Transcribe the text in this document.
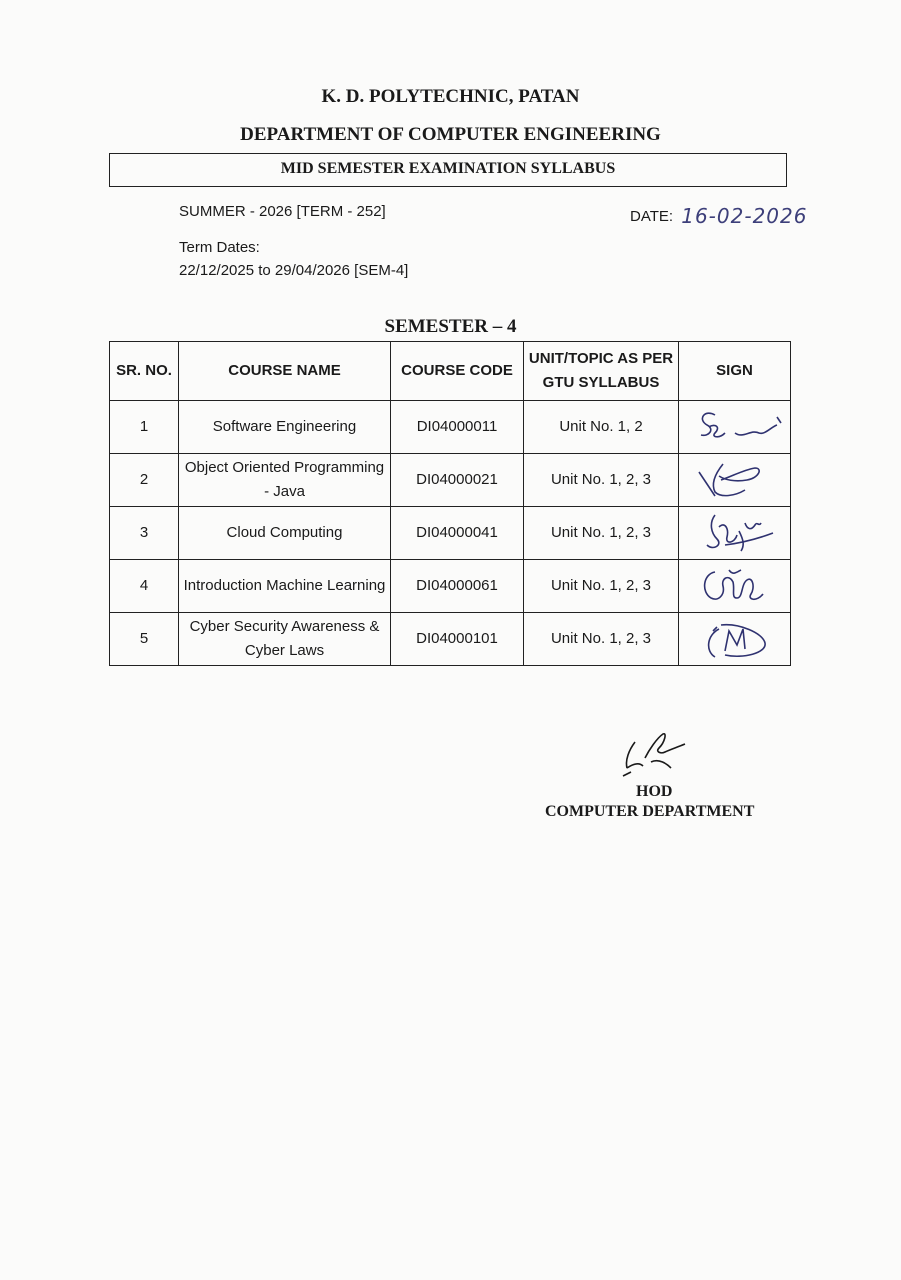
K. D. POLYTECHNIC, PATAN
DEPARTMENT OF COMPUTER ENGINEERING
MID SEMESTER EXAMINATION SYLLABUS
SUMMER - 2026 [TERM - 252]	DATE: 16-02-2026
Term Dates:
22/12/2025 to 29/04/2026 [SEM-4]
SEMESTER – 4
SR. NO.	COURSE NAME	COURSE CODE	UNIT/TOPIC AS PER GTU SYLLABUS	SIGN
1	Software Engineering	DI04000011	Unit No. 1, 2	

2	Object Oriented Programming - Java	DI04000021	Unit No. 1, 2, 3	

3	Cloud Computing	DI04000041	Unit No. 1, 2, 3	

4	Introduction Machine Learning	DI04000061	Unit No. 1, 2, 3	

5	Cyber Security Awareness & Cyber Laws	DI04000101	Unit No. 1, 2, 3	
HOD
COMPUTER DEPARTMENT
